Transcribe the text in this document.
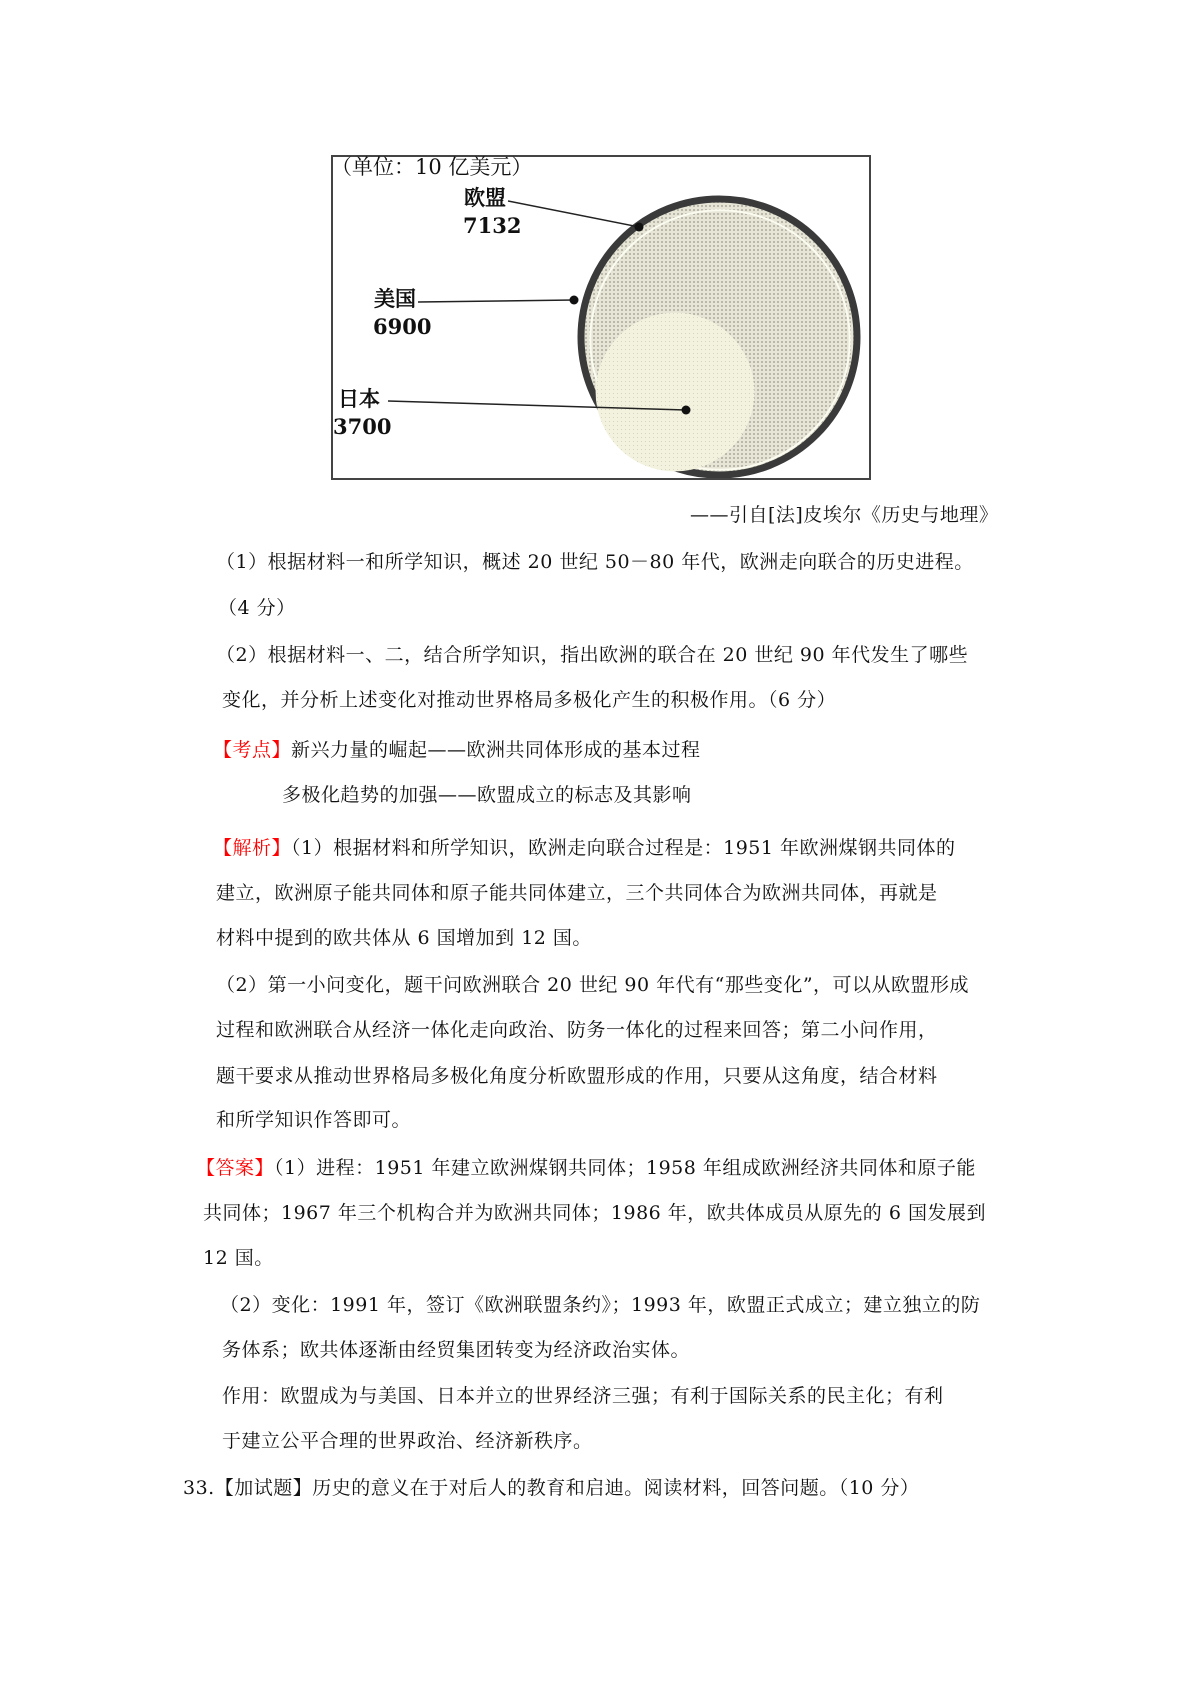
（单位：10 亿美元）
欧盟
7132
美国
6900
日本
3700
——引自[法]皮埃尔《历史与地理》
（1）根据材料一和所学知识，概述 20 世纪 50－80 年代，欧洲走向联合的历史进程。
（4 分）
（2）根据材料一、二，结合所学知识，指出欧洲的联合在 20 世纪 90 年代发生了哪些
变化，并分析上述变化对推动世界格局多极化产生的积极作用。（6 分）
【考点】新兴力量的崛起——欧洲共同体形成的基本过程
多极化趋势的加强——欧盟成立的标志及其影响
【解析】（1）根据材料和所学知识，欧洲走向联合过程是：1951 年欧洲煤钢共同体的
建立，欧洲原子能共同体和原子能共同体建立，三个共同体合为欧洲共同体，再就是
材料中提到的欧共体从 6 国增加到 12 国。
（2）第一小问变化，题干问欧洲联合 20 世纪 90 年代有“那些变化”，可以从欧盟形成
过程和欧洲联合从经济一体化走向政治、防务一体化的过程来回答；第二小问作用，
题干要求从推动世界格局多极化角度分析欧盟形成的作用，只要从这角度，结合材料
和所学知识作答即可。
【答案】（1）进程：1951 年建立欧洲煤钢共同体；1958 年组成欧洲经济共同体和原子能
共同体；1967 年三个机构合并为欧洲共同体；1986 年，欧共体成员从原先的 6 国发展到
12 国。
（2）变化：1991 年，签订《欧洲联盟条约》；1993 年，欧盟正式成立；建立独立的防
务体系；欧共体逐渐由经贸集团转变为经济政治实体。
作用：欧盟成为与美国、日本并立的世界经济三强；有利于国际关系的民主化；有利
于建立公平合理的世界政治、经济新秩序。
33.【加试题】历史的意义在于对后人的教育和启迪。阅读材料，回答问题。（10 分）
